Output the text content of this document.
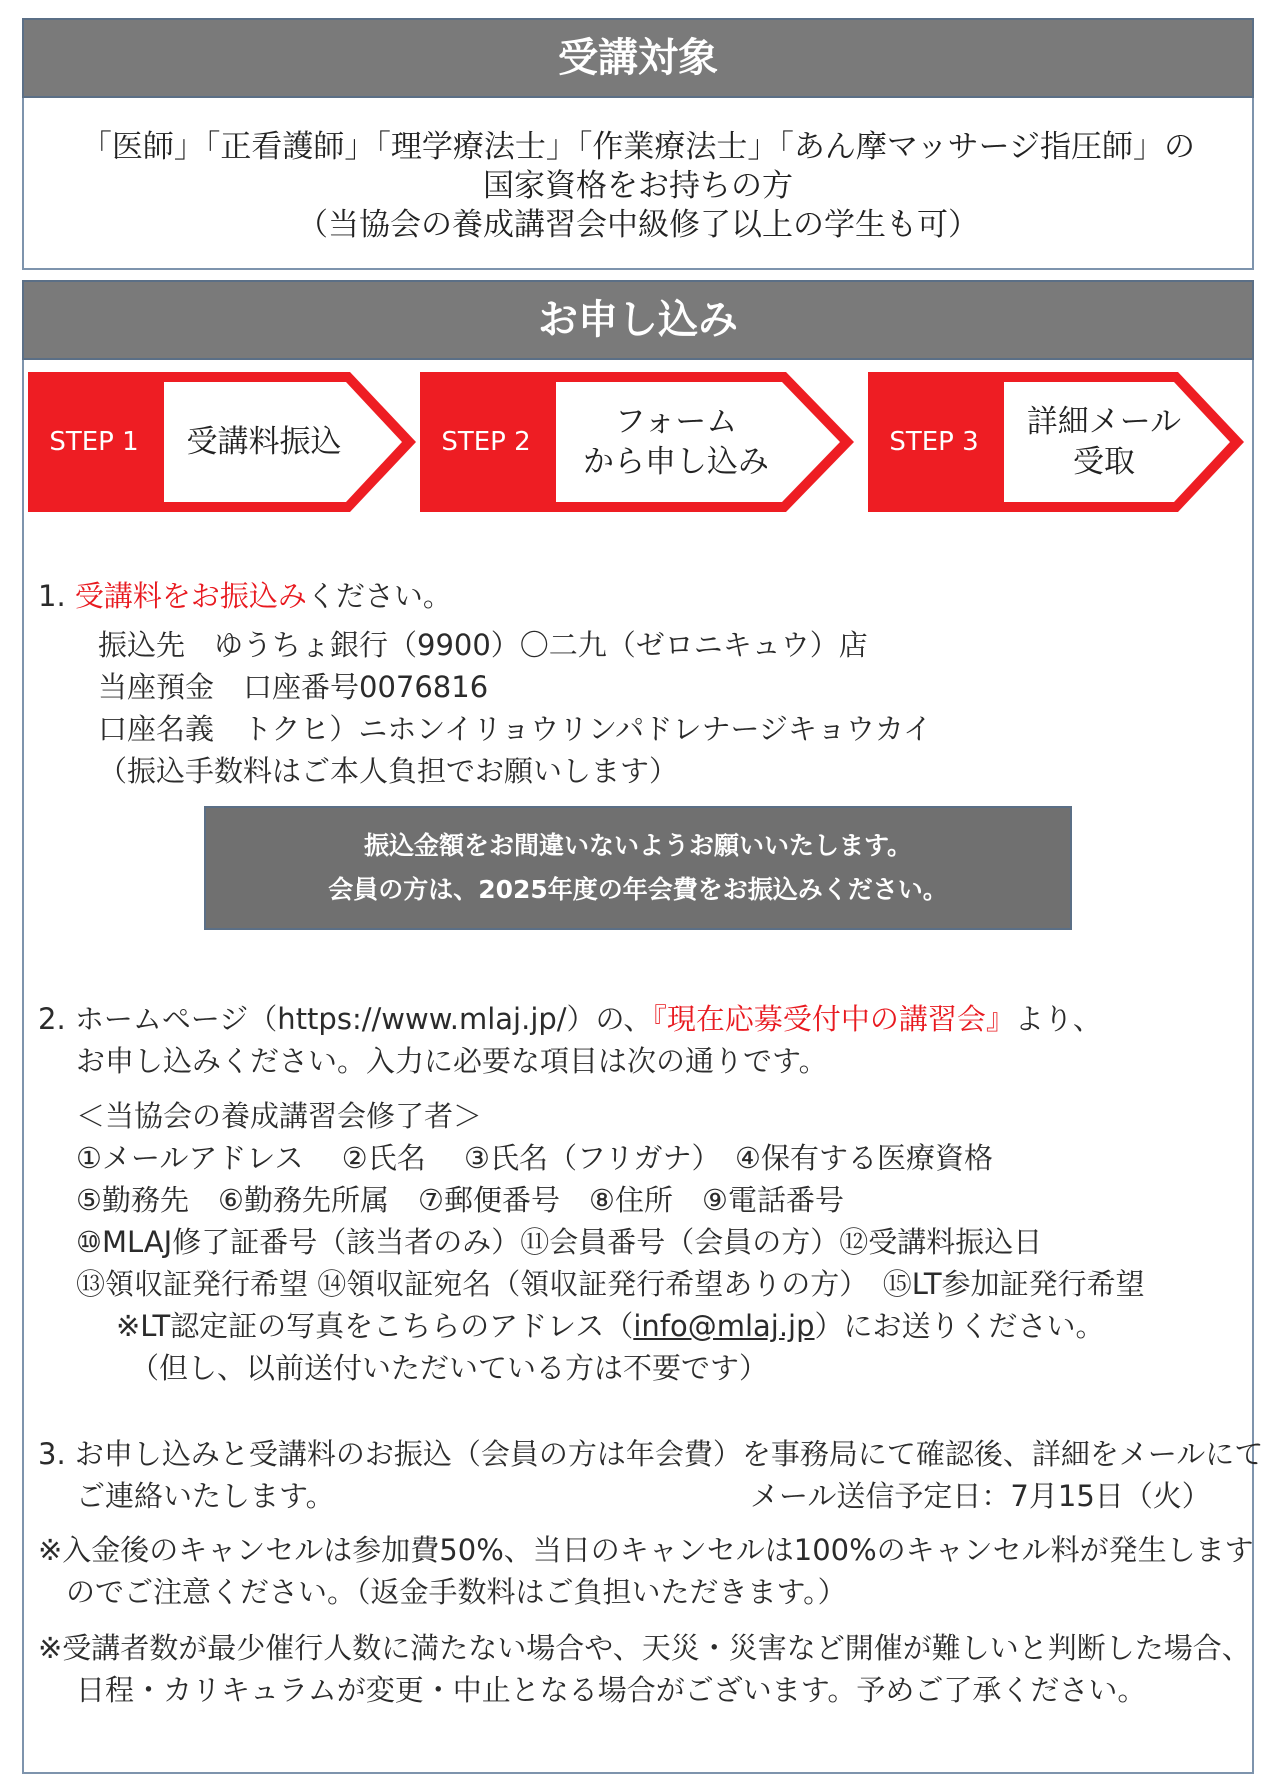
受講対象
「医師」「正看護師」「理学療法士」「作業療法士」「あん摩マッサージ指圧師」の
国家資格をお持ちの方
（当協会の養成講習会中級修了以上の学生も可）
お申し込み
STEP 1	受講料振込	STEP 2
フォーム
から申し込み
STEP 3
詳細メール
受取
1. 受講料をお振込みください。
振込先　ゆうちょ銀行（9900）〇二九（ゼロニキュウ）店
当座預金　口座番号0076816
口座名義　トクヒ）ニホンイリョウリンパドレナージキョウカイ
（振込手数料はご本人負担でお願いします）
振込金額をお間違いないようお願いいたします。
会員の方は、2025年度の年会費をお振込みください。
2. ホームページ（https://www.mlaj.jp/）の、『現在応募受付中の講習会』より、
お申し込みください。入力に必要な項目は次の通りです。
＜当協会の養成講習会修了者＞
①メールアドレス　 ②氏名　 ③氏名（フリガナ）　④保有する医療資格
⑤勤務先　⑥勤務先所属　⑦郵便番号　⑧住所　⑨電話番号
⑩MLAJ修了証番号（該当者のみ）⑪会員番号（会員の方）⑫受講料振込日
⑬領収証発行希望 ⑭領収証宛名（領収証発行希望ありの方）　⑮LT参加証発行希望
※LT認定証の写真をこちらのアドレス（info@mlaj.jp）にお送りください。
（但し、以前送付いただいている方は不要です）
3. お申し込みと受講料のお振込（会員の方は年会費）を事務局にて確認後、詳細をメールにて
ご連絡いたします。	メール送信予定日：7月15日（火）
※入金後のキャンセルは参加費50%、当日のキャンセルは100%のキャンセル料が発生します
のでご注意ください。（返金手数料はご負担いただきます。）
※受講者数が最少催行人数に満たない場合や、天災・災害など開催が難しいと判断した場合、
日程・カリキュラムが変更・中止となる場合がございます。予めご了承ください。
